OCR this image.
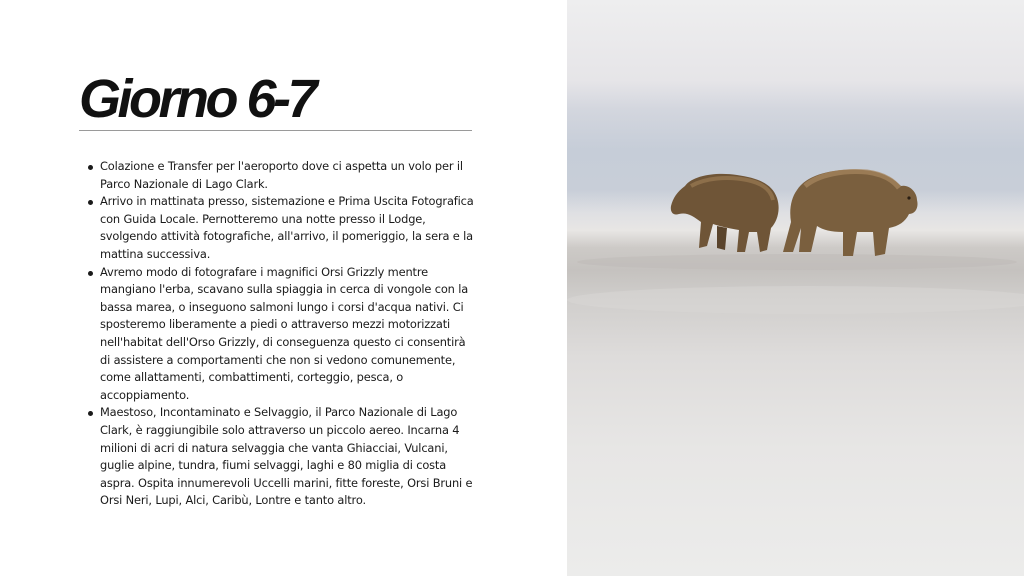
Giorno 6-7
Colazione e Transfer per l'aeroporto dove ci aspetta un volo per il Parco Nazionale di Lago Clark.
Arrivo in mattinata presso, sistemazione e Prima Uscita Fotografica con Guida Locale. Pernotteremo una notte presso il Lodge, svolgendo attività fotografiche, all'arrivo, il pomeriggio, la sera e la mattina successiva.
Avremo modo di fotografare i magnifici Orsi Grizzly mentre mangiano l'erba, scavano sulla spiaggia in cerca di vongole con la bassa marea, o inseguono salmoni lungo i corsi d'acqua nativi. Ci sposteremo liberamente a piedi o attraverso mezzi motorizzati nell'habitat dell'Orso Grizzly, di conseguenza questo ci consentirà di assistere a comportamenti che non si vedono comunemente, come allattamenti, combattimenti, corteggio, pesca, o accoppiamento.
Maestoso, Incontaminato e Selvaggio, il Parco Nazionale di Lago Clark, è raggiungibile solo attraverso un piccolo aereo. Incarna 4 milioni di acri di natura selvaggia che vanta Ghiacciai, Vulcani, guglie alpine, tundra, fiumi selvaggi, laghi e 80 miglia di costa aspra. Ospita innumerevoli Uccelli marini, fitte foreste, Orsi Bruni e Orsi Neri, Lupi, Alci, Caribù, Lontre e tanto altro.
